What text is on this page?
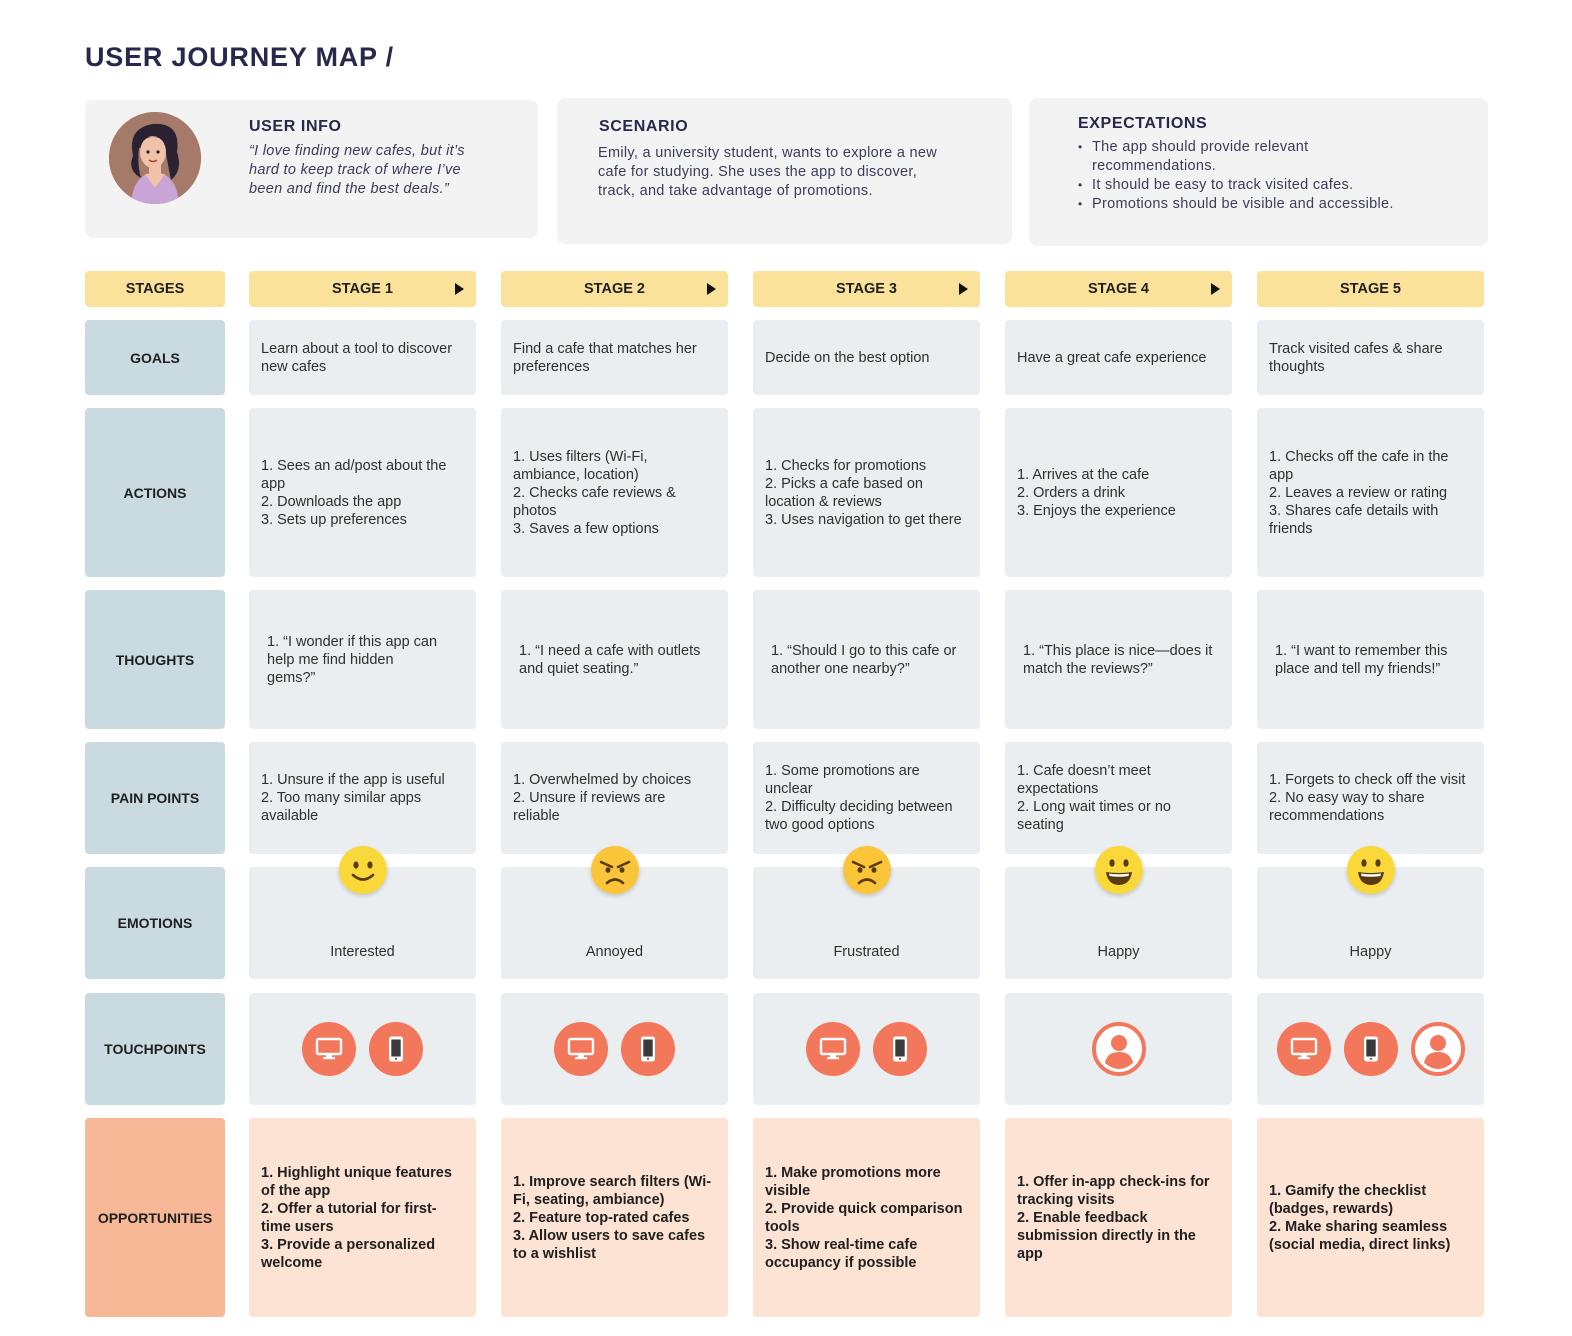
USER JOURNEY MAP /
USER INFO
“I love finding new cafes, but it’s hard to keep track of where I’ve been and find the best deals.”
SCENARIO
Emily, a university student, wants to explore a new cafe for studying. She uses the app to discover, track, and take advantage of promotions.
EXPECTATIONS
• The app should provide relevant recommendations.
• It should be easy to track visited cafes.
• Promotions should be visible and accessible.
STAGES
GOALS
ACTIONS
THOUGHTS
PAIN POINTS
EMOTIONS
TOUCHPOINTS
OPPORTUNITIES
STAGE 1
Learn about a tool to discover new cafes
1. Sees an ad/post about the app
2. Downloads the app
3. Sets up preferences
1. “I wonder if this app can
help me find hidden
gems?”
1. Unsure if the app is useful
2. Too many similar apps available
Interested
1. Highlight unique features of the app
2. Offer a tutorial for first-time users
3. Provide a personalized welcome
STAGE 2
Find a cafe that matches her preferences
1. Uses filters (Wi-Fi, ambiance, location)
2. Checks cafe reviews & photos
3. Saves a few options
1. “I need a cafe with outlets
and quiet seating.”
1. Overwhelmed by choices
2. Unsure if reviews are reliable
Annoyed
1. Improve search filters (Wi-Fi, seating, ambiance)
2. Feature top-rated cafes
3. Allow users to save cafes to a wishlist
STAGE 3
Decide on the best option
1. Checks for promotions
2. Picks a cafe based on location & reviews
3. Uses navigation to get there
1. “Should I go to this cafe or
another one nearby?”
1. Some promotions are unclear
2. Difficulty deciding between two good options
Frustrated
1. Make promotions more visible
2. Provide quick comparison tools
3. Show real-time cafe occupancy if possible
STAGE 4
Have a great cafe experience
1. Arrives at the cafe
2. Orders a drink
3. Enjoys the experience
1. “This place is nice—does it
match the reviews?”
1. Cafe doesn’t meet expectations
2. Long wait times or no seating
Happy
1. Offer in-app check-ins for tracking visits
2. Enable feedback submission directly in the app
STAGE 5
Track visited cafes & share thoughts
1. Checks off the cafe in the app
2. Leaves a review or rating
3. Shares cafe details with friends
1. “I want to remember this
place and tell my friends!”
1. Forgets to check off the visit
2. No easy way to share recommendations
Happy
1. Gamify the checklist (badges, rewards)
2. Make sharing seamless (social media, direct links)
